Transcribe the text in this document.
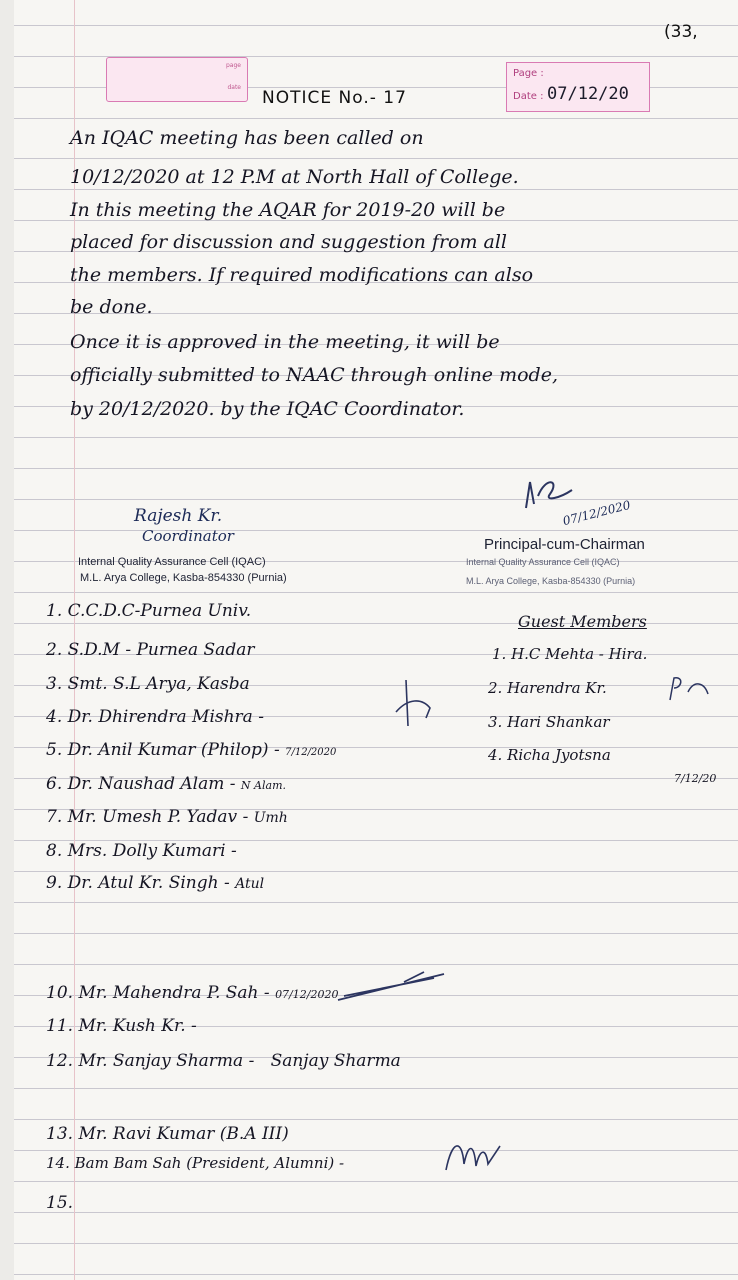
(33,
page
date
Page :
Date : 07/12/20
NOTICE No.- 17
An IQAC meeting has been called on
10/12/2020 at 12 P.M at North Hall of College.
In this meeting the AQAR for 2019-20 will be
placed for discussion and suggestion from all
the members. If required modifications can also
be done.
Once it is approved in the meeting, it will be
officially submitted to NAAC through online mode,
by 20/12/2020. by the IQAC Coordinator.
Rajesh Kr.
Coordinator
Internal Quality Assurance Cell (IQAC)
M.L. Arya College, Kasba-854330 (Purnia)
07/12/2020
Principal-cum-Chairman
Internal Quality Assurance Cell (IQAC)
M.L. Arya College, Kasba-854330 (Purnia)
1. C.C.D.C-Purnea Univ.
2. S.D.M - Purnea Sadar
3. Smt. S.L Arya, Kasba
4. Dr. Dhirendra Mishra -
5. Dr. Anil Kumar (Philop) - 7/12/2020
6. Dr. Naushad Alam - N Alam.
7. Mr. Umesh P. Yadav - Umh
8. Mrs. Dolly Kumari -
9. Dr. Atul Kr. Singh - Atul
10. Mr. Mahendra P. Sah - 07/12/2020
11. Mr. Kush Kr. -
12. Mr. Sanjay Sharma - Sanjay Sharma
13. Mr. Ravi Kumar (B.A III)
14. Bam Bam Sah (President, Alumni) -
15.
Guest Members
1. H.C Mehta - Hira.
2. Harendra Kr.
3. Hari Shankar
4. Richa Jyotsna
7/12/20
